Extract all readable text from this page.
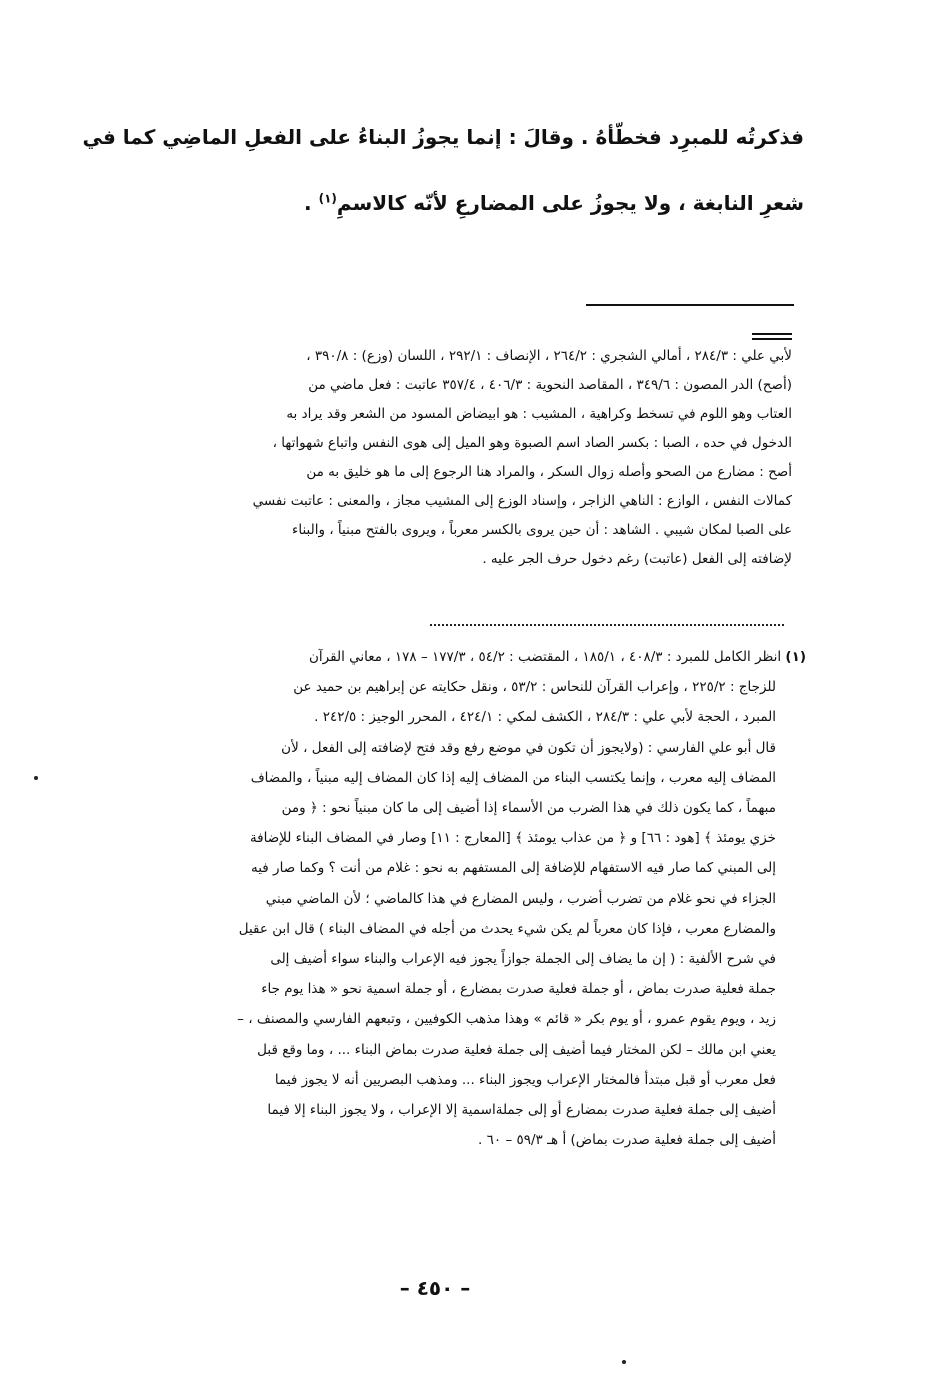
فذكرتُه للمبرِد فخطّأهُ . وقالَ : إنما يجوزُ البناءُ على الفعلِ الماضِي كما في
شعرِ النابغة ، ولا يجوزُ على المضارعِ لأنّه كالاسمِ$^{(١)}$ .
لأبي علي : ٢٨٤/٣ ، أمالي الشجري : ٢٦٤/٢ ، الإنصاف : ٢٩٢/١ ، اللسان (وزع) : ٣٩٠/٨ ،
(أصح) الدر المصون : ٣٤٩/٦ ، المقاصد النحوية : ٤٠٦/٣ ، ٣٥٧/٤ عاتبت : فعل ماضي من
العتاب وهو اللوم في تسخط وكراهية ، المشيب : هو ابيضاض المسود من الشعر وقد يراد به
الدخول في حده ، الصبا : بكسر الصاد اسم الصبوة وهو الميل إلى هوى النفس واتباع شهواتها ،
أصح : مضارع من الصحو وأصله زوال السكر ، والمراد هنا الرجوع إلى ما هو خليق به من
كمالات النفس ، الوازع : الناهي الزاجر ، وإسناد الوزع إلى المشيب مجاز ، والمعنى : عاتبت نفسي
على الصبا لمكان شيبي . الشاهد : أن حين يروى بالكسر معرباً ، ويروى بالفتح مبنياً ، والبناء
لإضافته إلى الفعل (عاتبت) رغم دخول حرف الجر عليه .
(١) انظر الكامل للمبرد : ٤٠٨/٣ ، ١٨٥/١ ، المقتضب : ٥٤/٢ ، ١٧٧/٣ – ١٧٨ ، معاني القرآن
للزجاج : ٢٢٥/٢ ، وإعراب القرآن للنحاس : ٥٣/٢ ، ونقل حكايته عن إبراهيم بن حميد عن
المبرد ، الحجة لأبي علي : ٢٨٤/٣ ، الكشف لمكي : ٤٢٤/١ ، المحرر الوجيز : ٢٤٢/٥ .
قال أبو علي الفارسي : (ولايجوز أن تكون في موضع رفع وقد فتح لإضافته إلى الفعل ، لأن
المضاف إليه معرب ، وإنما يكتسب البناء من المضاف إليه إذا كان المضاف إليه مبنياً ، والمضاف
مبهماً ، كما يكون ذلك في هذا الضرب من الأسماء إذا أضيف إلى ما كان مبنياً نحو : ﴿ ومن
خزي يومئذ ﴾ [هود : ٦٦] و ﴿ من عذاب يومئذ ﴾ [المعارج : ١١] وصار في المضاف البناء للإضافة
إلى المبني كما صار فيه الاستفهام للإضافة إلى المستفهم به نحو : غلام من أنت ؟ وكما صار فيه
الجزاء في نحو غلام من تضرب أضرب ، وليس المضارع في هذا كالماضي ؛ لأن الماضي مبني
والمضارع معرب ، فإذا كان معرباً لم يكن شيء يحدث من أجله في المضاف البناء ) قال ابن عقيل
في شرح الألفية : ( إن ما يضاف إلى الجملة جوازاً يجوز فيه الإعراب والبناء سواء أضيف إلى
جملة فعلية صدرت بماض ، أو جملة فعلية صدرت بمضارع ، أو جملة اسمية نحو « هذا يوم جاء
زيد ، ويوم يقوم عمرو ، أو يوم بكر « قائم » وهذا مذهب الكوفيين ، وتبعهم الفارسي والمصنف ، –
يعني ابن مالك – لكن المختار فيما أضيف إلى جملة فعلية صدرت بماض البناء ... ، وما وقع قبل
فعل معرب أو قبل مبتدأ فالمختار الإعراب ويجوز البناء ... ومذهب البصريين أنه لا يجوز فيما
أضيف إلى جملة فعلية صدرت بمضارع أو إلى جملةاسمية إلا الإعراب ، ولا يجوز البناء إلا فيما
أضيف إلى جملة فعلية صدرت بماض) أ هـ ٥٩/٣ – ٦٠ .
– ٤٥٠ –
